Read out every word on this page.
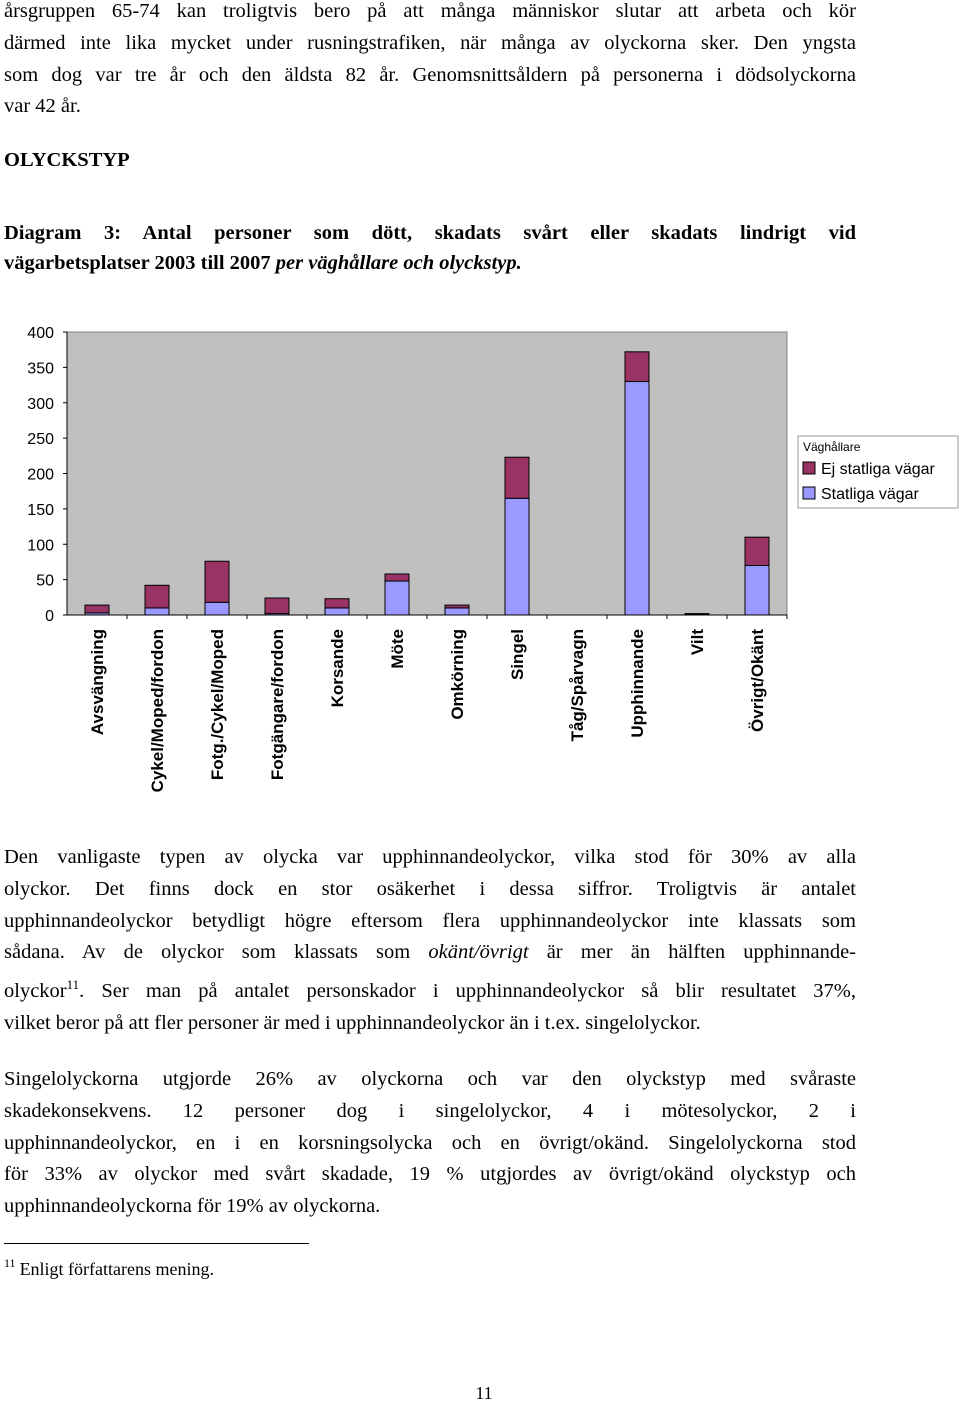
årsgruppen 65-74 kan troligtvis bero på att många människor slutar att arbeta och kör
därmed inte lika mycket under rusningstrafiken, när många av olyckorna sker. Den yngsta
som dog var tre år och den äldsta 82 år. Genomsnittsåldern på personerna i dödsolyckorna
var 42 år.

OLYCKSTYP

Diagram 3: Antal personer som dött, skadats svårt eller skadats lindrigt vid
vägarbetsplatser 2003 till 2007 per väghållare och olyckstyp.

0
50
100
150
200
250
300
350
400
Avsvängning Cykel/Moped/fordon Fotg./Cykel/Moped Fotgängare/fordon Korsande Möte Omkörning Singel Tåg/Spårvagn Upphinnande Vilt Övrigt/Okänt
Väghållare
Ej statliga vägar
Statliga vägar

Den vanligaste typen av olycka var upphinnandeolyckor, vilka stod för 30% av alla
olyckor. Det finns dock en stor osäkerhet i dessa siffror. Troligtvis är antalet
upphinnandeolyckor betydligt högre eftersom flera upphinnandeolyckor inte klassats som
sådana. Av de olyckor som klassats som okänt/övrigt är mer än hälften upphinnande-
olyckor$^{11}$. Ser man på antalet personskador i upphinnandeolyckor så blir resultatet 37%,
vilket beror på att fler personer är med i upphinnandeolyckor än i t.ex. singelolyckor.

Singelolyckorna utgjorde 26% av olyckorna och var den olyckstyp med svåraste
skadekonsekvens. 12 personer dog i singelolyckor, 4 i mötesolyckor, 2 i
upphinnandeolyckor, en i en korsningsolycka och en övrigt/okänd. Singelolyckorna stod
för 33% av olyckor med svårt skadade, 19 % utgjordes av övrigt/okänd olyckstyp och
upphinnandeolyckorna för 19% av olyckorna.

$^{11}$ Enligt författarens mening.

11
